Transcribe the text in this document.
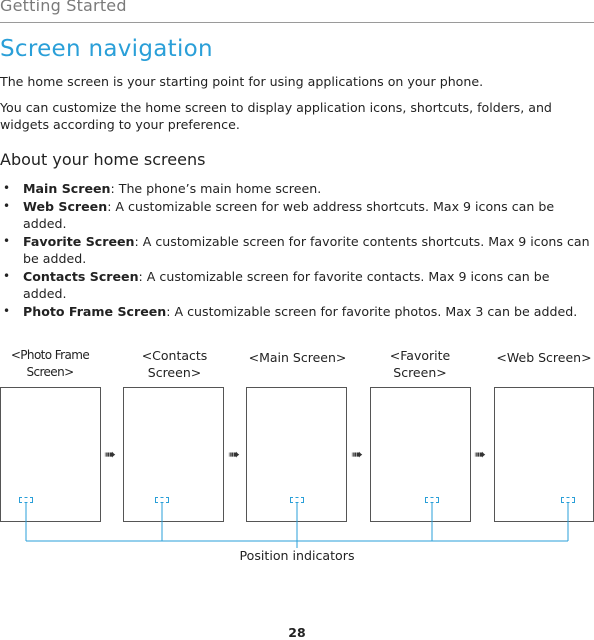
Getting Started
Screen navigation

The home screen is your starting point for using applications on your phone.

You can customize the home screen to display application icons, shortcuts, folders, and widgets according to your preference.

About your home screens
• Main Screen: The phone’s main home screen.
• Web Screen: A customizable screen for web address shortcuts. Max 9 icons can be added.
• Favorite Screen: A customizable screen for favorite contents shortcuts. Max 9 icons can be added.
• Contacts Screen: A customizable screen for favorite contacts. Max 9 icons can be added.
• Photo Frame Screen: A customizable screen for favorite photos. Max 3 can be added.
<Photo Frame Screen>
<Contacts Screen>
<Main Screen>	<Favorite Screen>
<Web Screen>
➠	➠	➠	➠
Position indicators
28
